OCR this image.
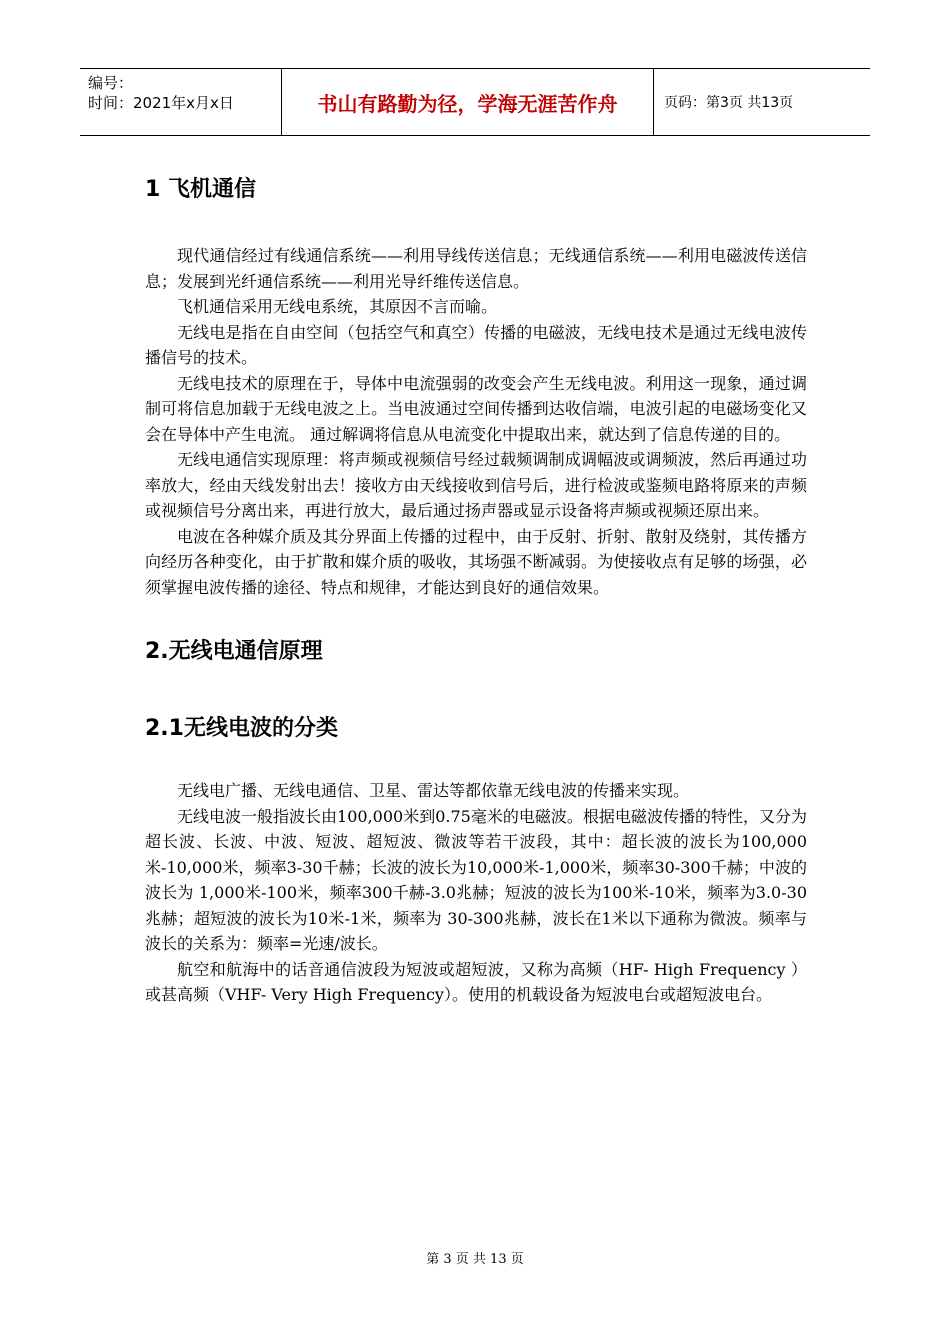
编号：
时间：2021年x月x日	书山有路勤为径，学海无涯苦作舟	页码：第3页 共13页
1 飞机通信

现代通信经过有线通信系统——利用导线传送信息；无线通信系统——利用电磁波传送信息；发展到光纤通信系统——利用光导纤维传送信息。

飞机通信采用无线电系统，其原因不言而喻。

无线电是指在自由空间（包括空气和真空）传播的电磁波，无线电技术是通过无线电波传播信号的技术。

无线电技术的原理在于，导体中电流强弱的改变会产生无线电波。利用这一现象，通过调制可将信息加载于无线电波之上。当电波通过空间传播到达收信端，电波引起的电磁场变化又会在导体中产生电流。 通过解调将信息从电流变化中提取出来，就达到了信息传递的目的。

无线电通信实现原理：将声频或视频信号经过载频调制成调幅波或调频波，然后再通过功率放大，经由天线发射出去！接收方由天线接收到信号后，进行检波或鉴频电路将原来的声频或视频信号分离出来，再进行放大，最后通过扬声器或显示设备将声频或视频还原出来。

电波在各种媒介质及其分界面上传播的过程中，由于反射、折射、散射及绕射，其传播方向经历各种变化，由于扩散和媒介质的吸收，其场强不断减弱。为使接收点有足够的场强，必须掌握电波传播的途径、特点和规律，才能达到良好的通信效果。

2.无线电通信原理
2.1无线电波的分类

无线电广播、无线电通信、卫星、雷达等都依靠无线电波的传播来实现。

无线电波一般指波长由100,000米到0.75毫米的电磁波。根据电磁波传播的特性，又分为超长波、长波、中波、短波、超短波、微波等若干波段，其中：超长波的波长为100,000米-10,000米，频率3-30千赫；长波的波长为10,000米-1,000米，频率30-300千赫；中波的波长为 1,000米-100米，频率300千赫-3.0兆赫；短波的波长为100米-10米，频率为3.0-30兆赫；超短波的波长为10米-1米，频率为 30-300兆赫，波长在1米以下通称为微波。频率与波长的关系为：频率=光速/波长。

航空和航海中的话音通信波段为短波或超短波，又称为高频（HF- High Frequency ）或甚高频（VHF- Very High Frequency）。使用的机载设备为短波电台或超短波电台。

第 3 页 共 13 页
